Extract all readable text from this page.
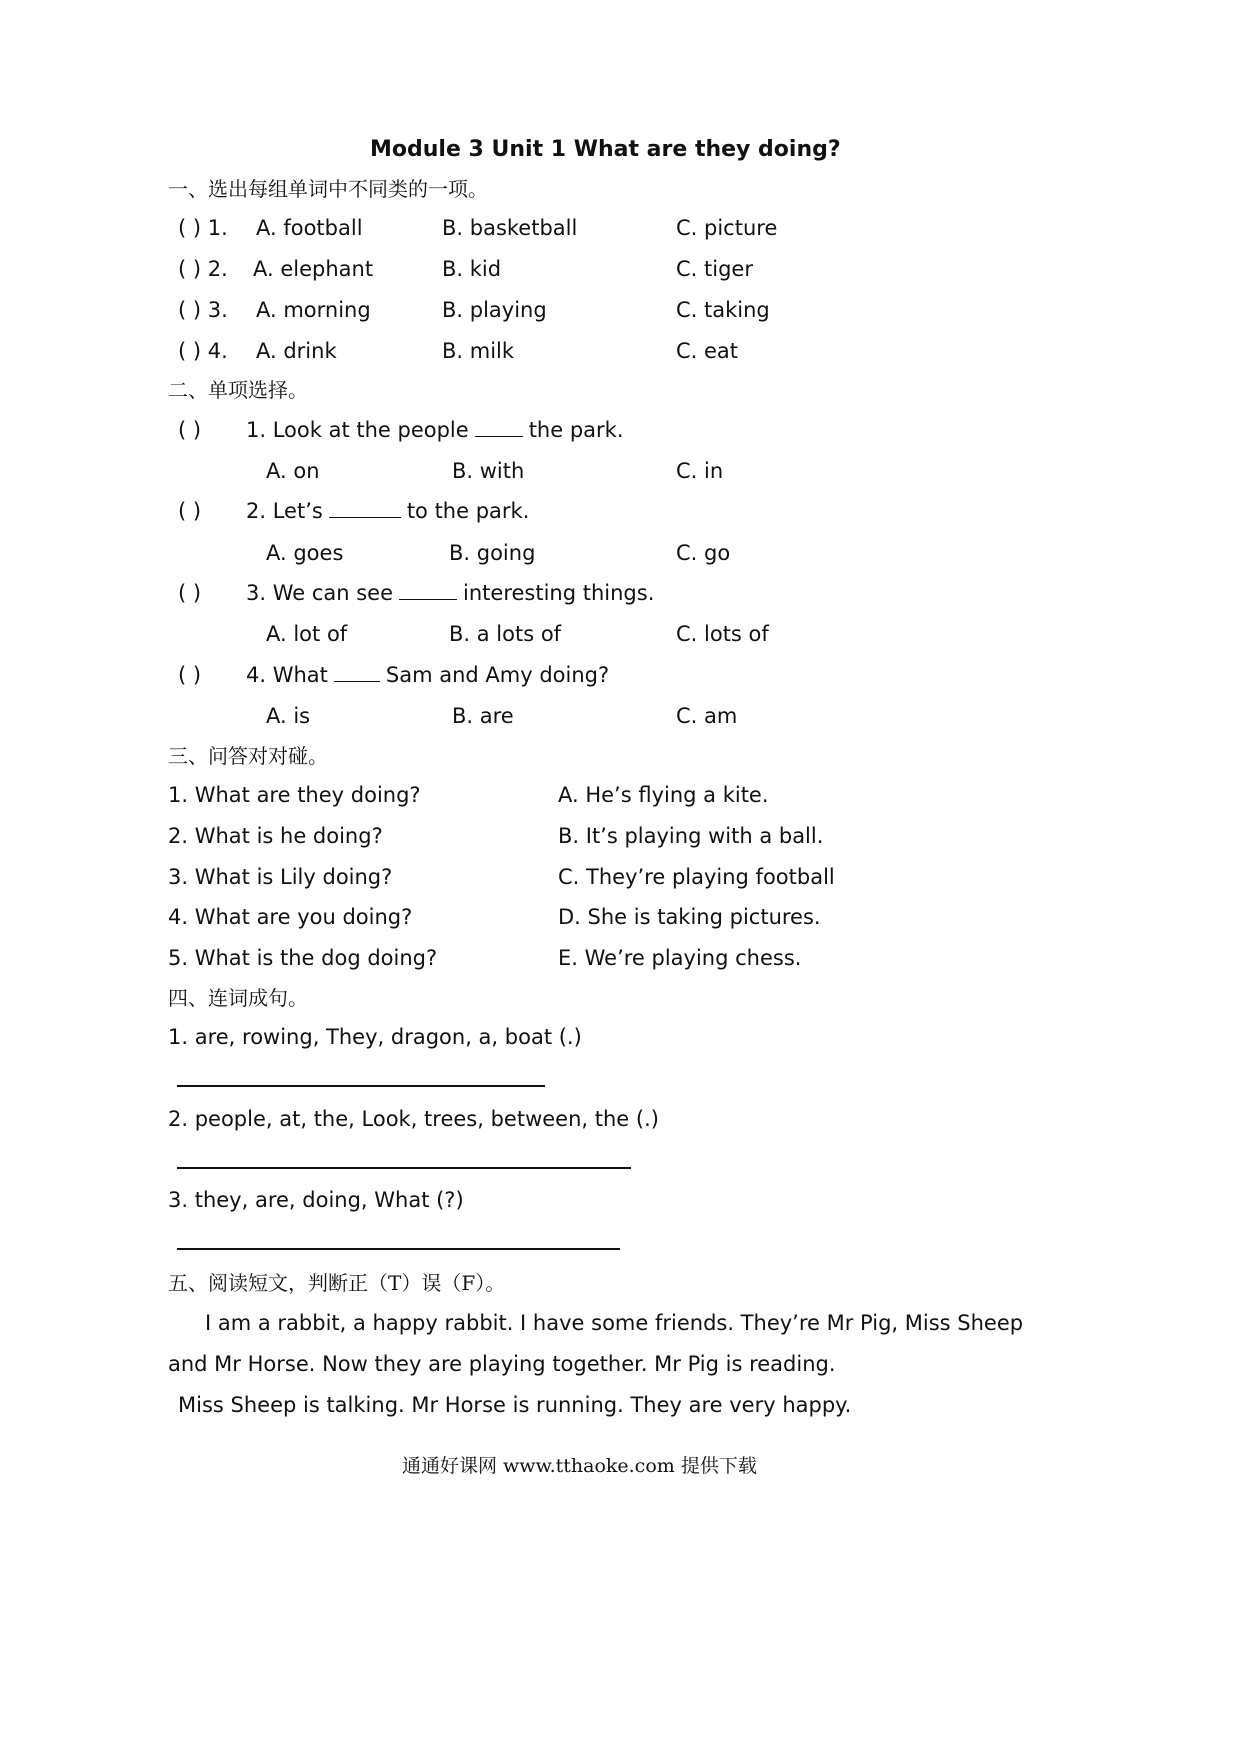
Module 3 Unit 1 What are they doing?
一、选出每组单词中不同类的一项。
( ) 1. A. football	B. basketball	C. picture
( ) 2. A. elephant	B. kid	C. tiger
( ) 3. A. morning	B. playing	C. taking
( ) 4. A. drink	B. milk	C. eat
二、单项选择。
( ) 1. Look at the people	the park.
A. on	B. with	C. in
( ) 2. Let’s	to the park.
A. goes	B. going	C. go
( ) 3. We can see	interesting things.
A. lot of	B. a lots of	C. lots of
( ) 4. What	Sam and Amy doing?
A. is	B. are	C. am
三、问答对对碰。
1. What are they doing?	A. He’s flying a kite.
2. What is he doing?	B. It’s playing with a ball.
3. What is Lily doing?	C. They’re playing football
4. What are you doing?	D. She is taking pictures.
5. What is the dog doing?	E. We’re playing chess.
四、连词成句。
1. are, rowing, They, dragon, a, boat (.)
2. people, at, the, Look, trees, between, the (.)
3. they, are, doing, What (?)
五、阅读短文，判断正（T）误（F）。
I am a rabbit, a happy rabbit. I have some friends. They’re Mr Pig, Miss Sheep
and Mr Horse. Now they are playing together. Mr Pig is reading.
Miss Sheep is talking. Mr Horse is running. They are very happy.
通通好课网 www.tthaoke.com 提供下载
